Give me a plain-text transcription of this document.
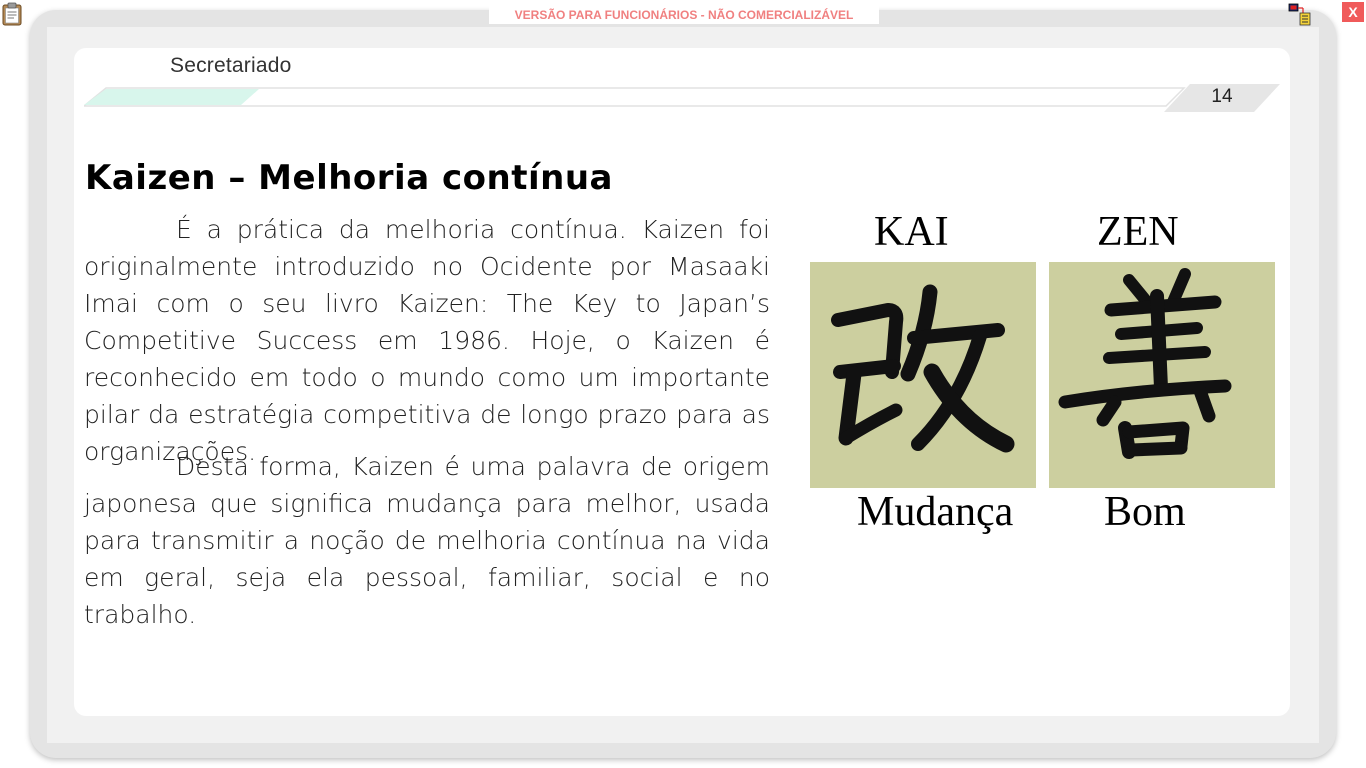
VERSÃO PARA FUNCIONÁRIOS - NÃO COMERCIALIZÁVEL	X
Secretariado
14
Kaizen – Melhoria contínua

É a prática da melhoria contínua. Kaizen foi originalmente introduzido no Ocidente por Masaaki Imai com o seu livro Kaizen: The Key to Japan’s Competitive Success em 1986. Hoje, o Kaizen é reconhecido em todo o mundo como um importante pilar da estratégia competitiva de longo prazo para as organizações.

Desta forma, Kaizen é uma palavra de origem japonesa que significa mudança para melhor, usada para transmitir a noção de melhoria contínua na vida em geral, seja ela pessoal, familiar, social e no trabalho.

KAI	ZEN
Mudança Bom
